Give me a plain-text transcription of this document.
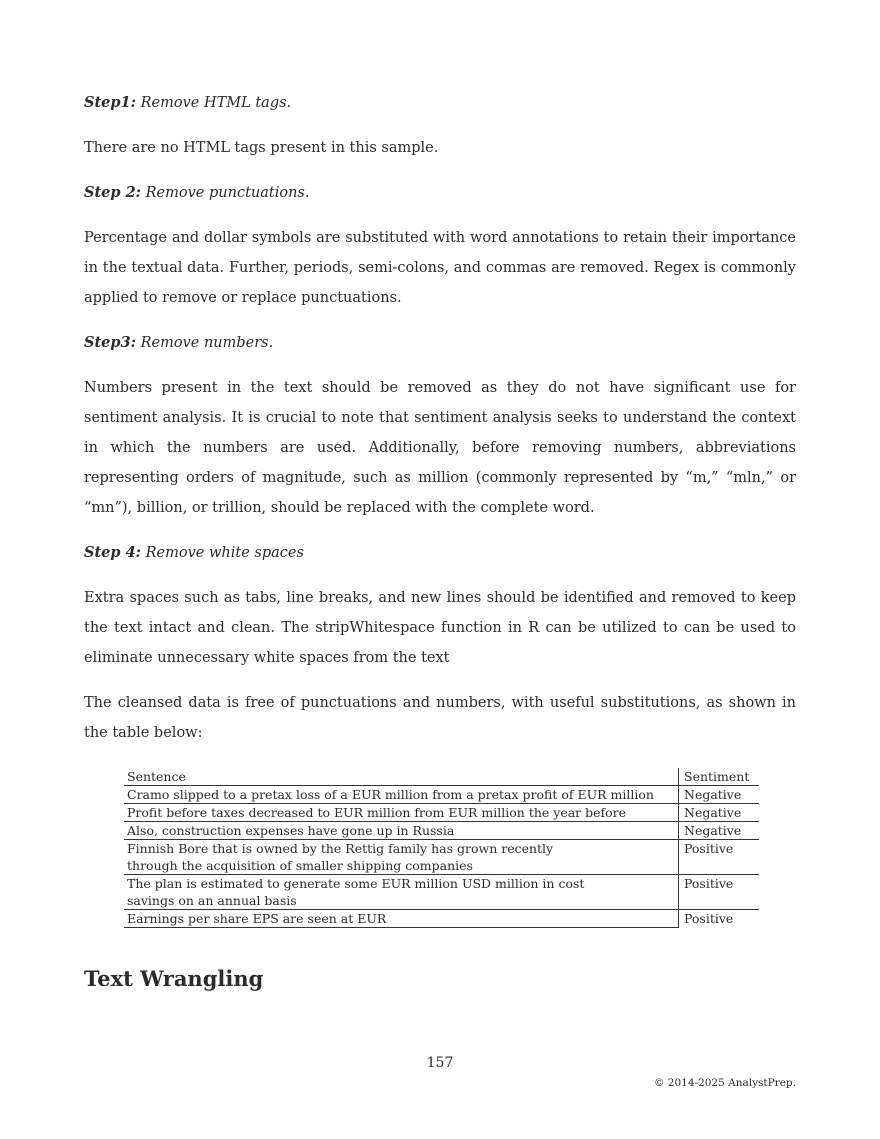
Step1: Remove HTML tags.

There are no HTML tags present in this sample.

Step 2: Remove punctuations.

Percentage and dollar symbols are substituted with word annotations to retain their importance in the textual data. Further, periods, semi-colons, and commas are removed. Regex is commonly applied to remove or replace punctuations.

Step3: Remove numbers.

Numbers present in the text should be removed as they do not have significant use for sentiment analysis. It is crucial to note that sentiment analysis seeks to understand the context in which the numbers are used. Additionally, before removing numbers, abbreviations representing orders of magnitude, such as million (commonly represented by “m,” “mln,” or “mn”), billion, or trillion, should be replaced with the complete word.

Step 4: Remove white spaces

Extra spaces such as tabs, line breaks, and new lines should be identified and removed to keep the text intact and clean. The stripWhitespace function in R can be utilized to can be used to eliminate unnecessary white spaces from the text

The cleansed data is free of punctuations and numbers, with useful substitutions, as shown in the table below:

Sentence	Sentiment
Cramo slipped to a pretax loss of a EUR million from a pretax profit of EUR million	Negative
Profit before taxes decreased to EUR million from EUR million the year before	Negative
Also, construction expenses have gone up in Russia	Negative
Finnish Bore that is owned by the Rettig family has grown recently
through the acquisition of smaller shipping companies	Positive
The plan is estimated to generate some EUR million USD million in cost
savings on an annual basis	Positive
Earnings per share EPS are seen at EUR	Positive
Text Wrangling
157
© 2014-2025 AnalystPrep.
